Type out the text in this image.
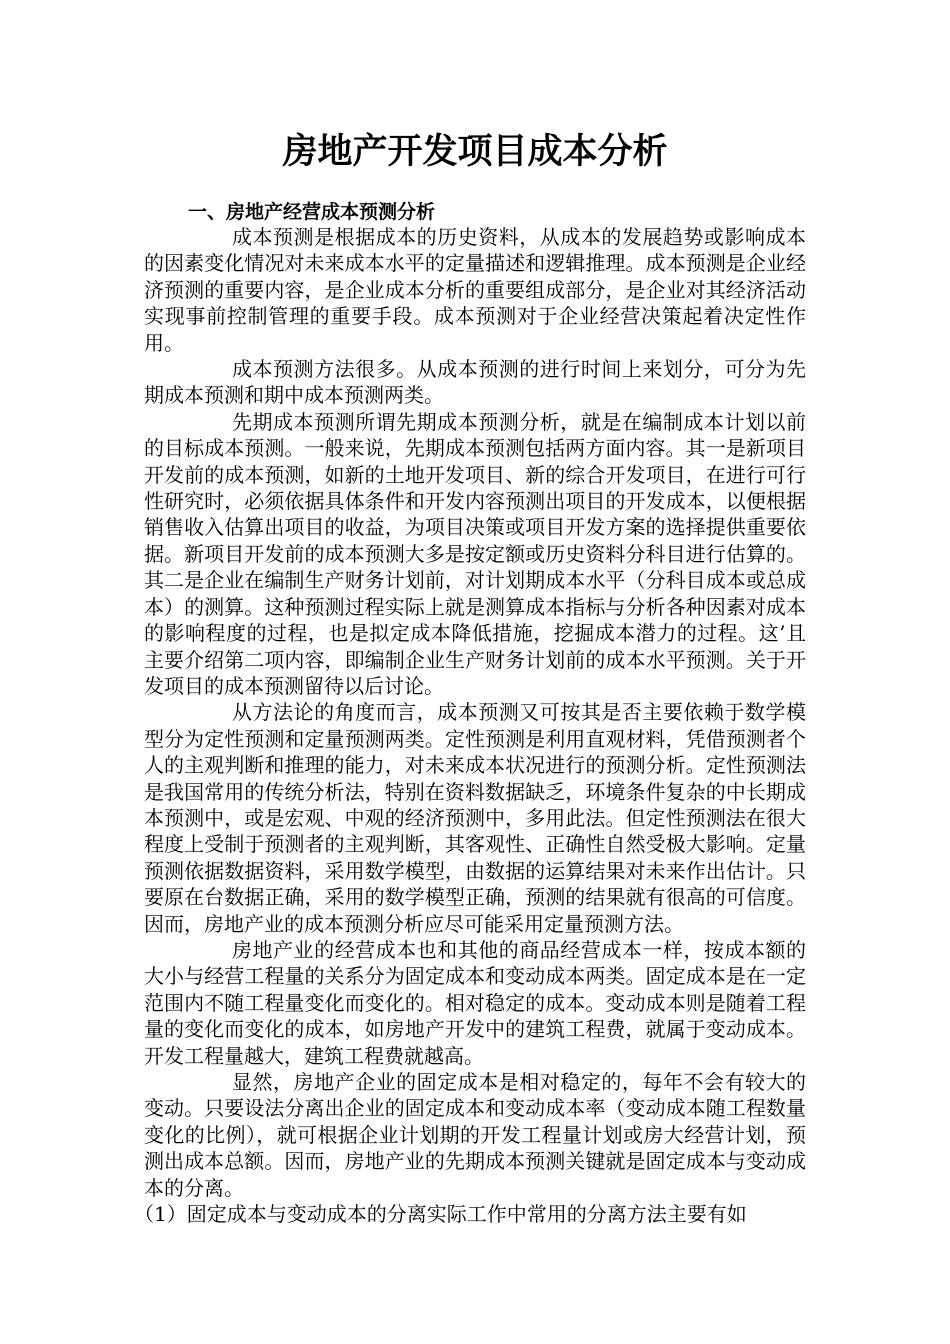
房地产开发项目成本分析
一、房地产经营成本预测分析

成本预测是根据成本的历史资料，从成本的发展趋势或影响成本的因素变化情况对未来成本水平的定量描述和逻辑推理。成本预测是企业经济预测的重要内容，是企业成本分析的重要组成部分，是企业对其经济活动实现事前控制管理的重要手段。成本预测对于企业经营决策起着决定性作用。

成本预测方法很多。从成本预测的进行时间上来划分，可分为先期成本预测和期中成本预测两类。

先期成本预测所谓先期成本预测分析，就是在编制成本计划以前的目标成本预测。一般来说，先期成本预测包括两方面内容。其一是新项目开发前的成本预测，如新的土地开发项目、新的综合开发项目，在进行可行性研究时，必须依据具体条件和开发内容预测出项目的开发成本，以便根据销售收入估算出项目的收益，为项目决策或项目开发方案的选择提供重要依据。新项目开发前的成本预测大多是按定额或历史资料分科目进行估算的。其二是企业在编制生产财务计划前，对计划期成本水平（分科目成本或总成本）的测算。这种预测过程实际上就是测算成本指标与分析各种因素对成本的影响程度的过程，也是拟定成本降低措施，挖掘成本潜力的过程。这’且主要介绍第二项内容，即编制企业生产财务计划前的成本水平预测。关于开发项目的成本预测留待以后讨论。

从方法论的角度而言，成本预测又可按其是否主要依赖于数学模型分为定性预测和定量预测两类。定性预测是利用直观材料，凭借预测者个人的主观判断和推理的能力，对未来成本状况进行的预测分析。定性预测法是我国常用的传统分析法，特别在资料数据缺乏，环境条件复杂的中长期成本预测中，或是宏观、中观的经济预测中，多用此法。但定性预测法在很大程度上受制于预测者的主观判断，其客观性、正确性自然受极大影响。定量预测依据数据资料，采用数学模型，由数据的运算结果对未来作出估计。只要原在台数据正确，采用的数学模型正确，预测的结果就有很高的可信度。因而，房地产业的成本预测分析应尽可能采用定量预测方法。

房地产业的经营成本也和其他的商品经营成本一样，按成本额的大小与经营工程量的关系分为固定成本和变动成本两类。固定成本是在一定范围内不随工程量变化而变化的。相对稳定的成本。变动成本则是随着工程量的变化而变化的成本，如房地产开发中的建筑工程费，就属于变动成本。开发工程量越大，建筑工程费就越高。

显然，房地产企业的固定成本是相对稳定的，每年不会有较大的变动。只要设法分离出企业的固定成本和变动成本率（变动成本随工程数量变化的比例），就可根据企业计划期的开发工程量计划或房大经营计划，预测出成本总额。因而，房地产业的先期成本预测关键就是固定成本与变动成本的分离。

（1）固定成本与变动成本的分离实际工作中常用的分离方法主要有如
